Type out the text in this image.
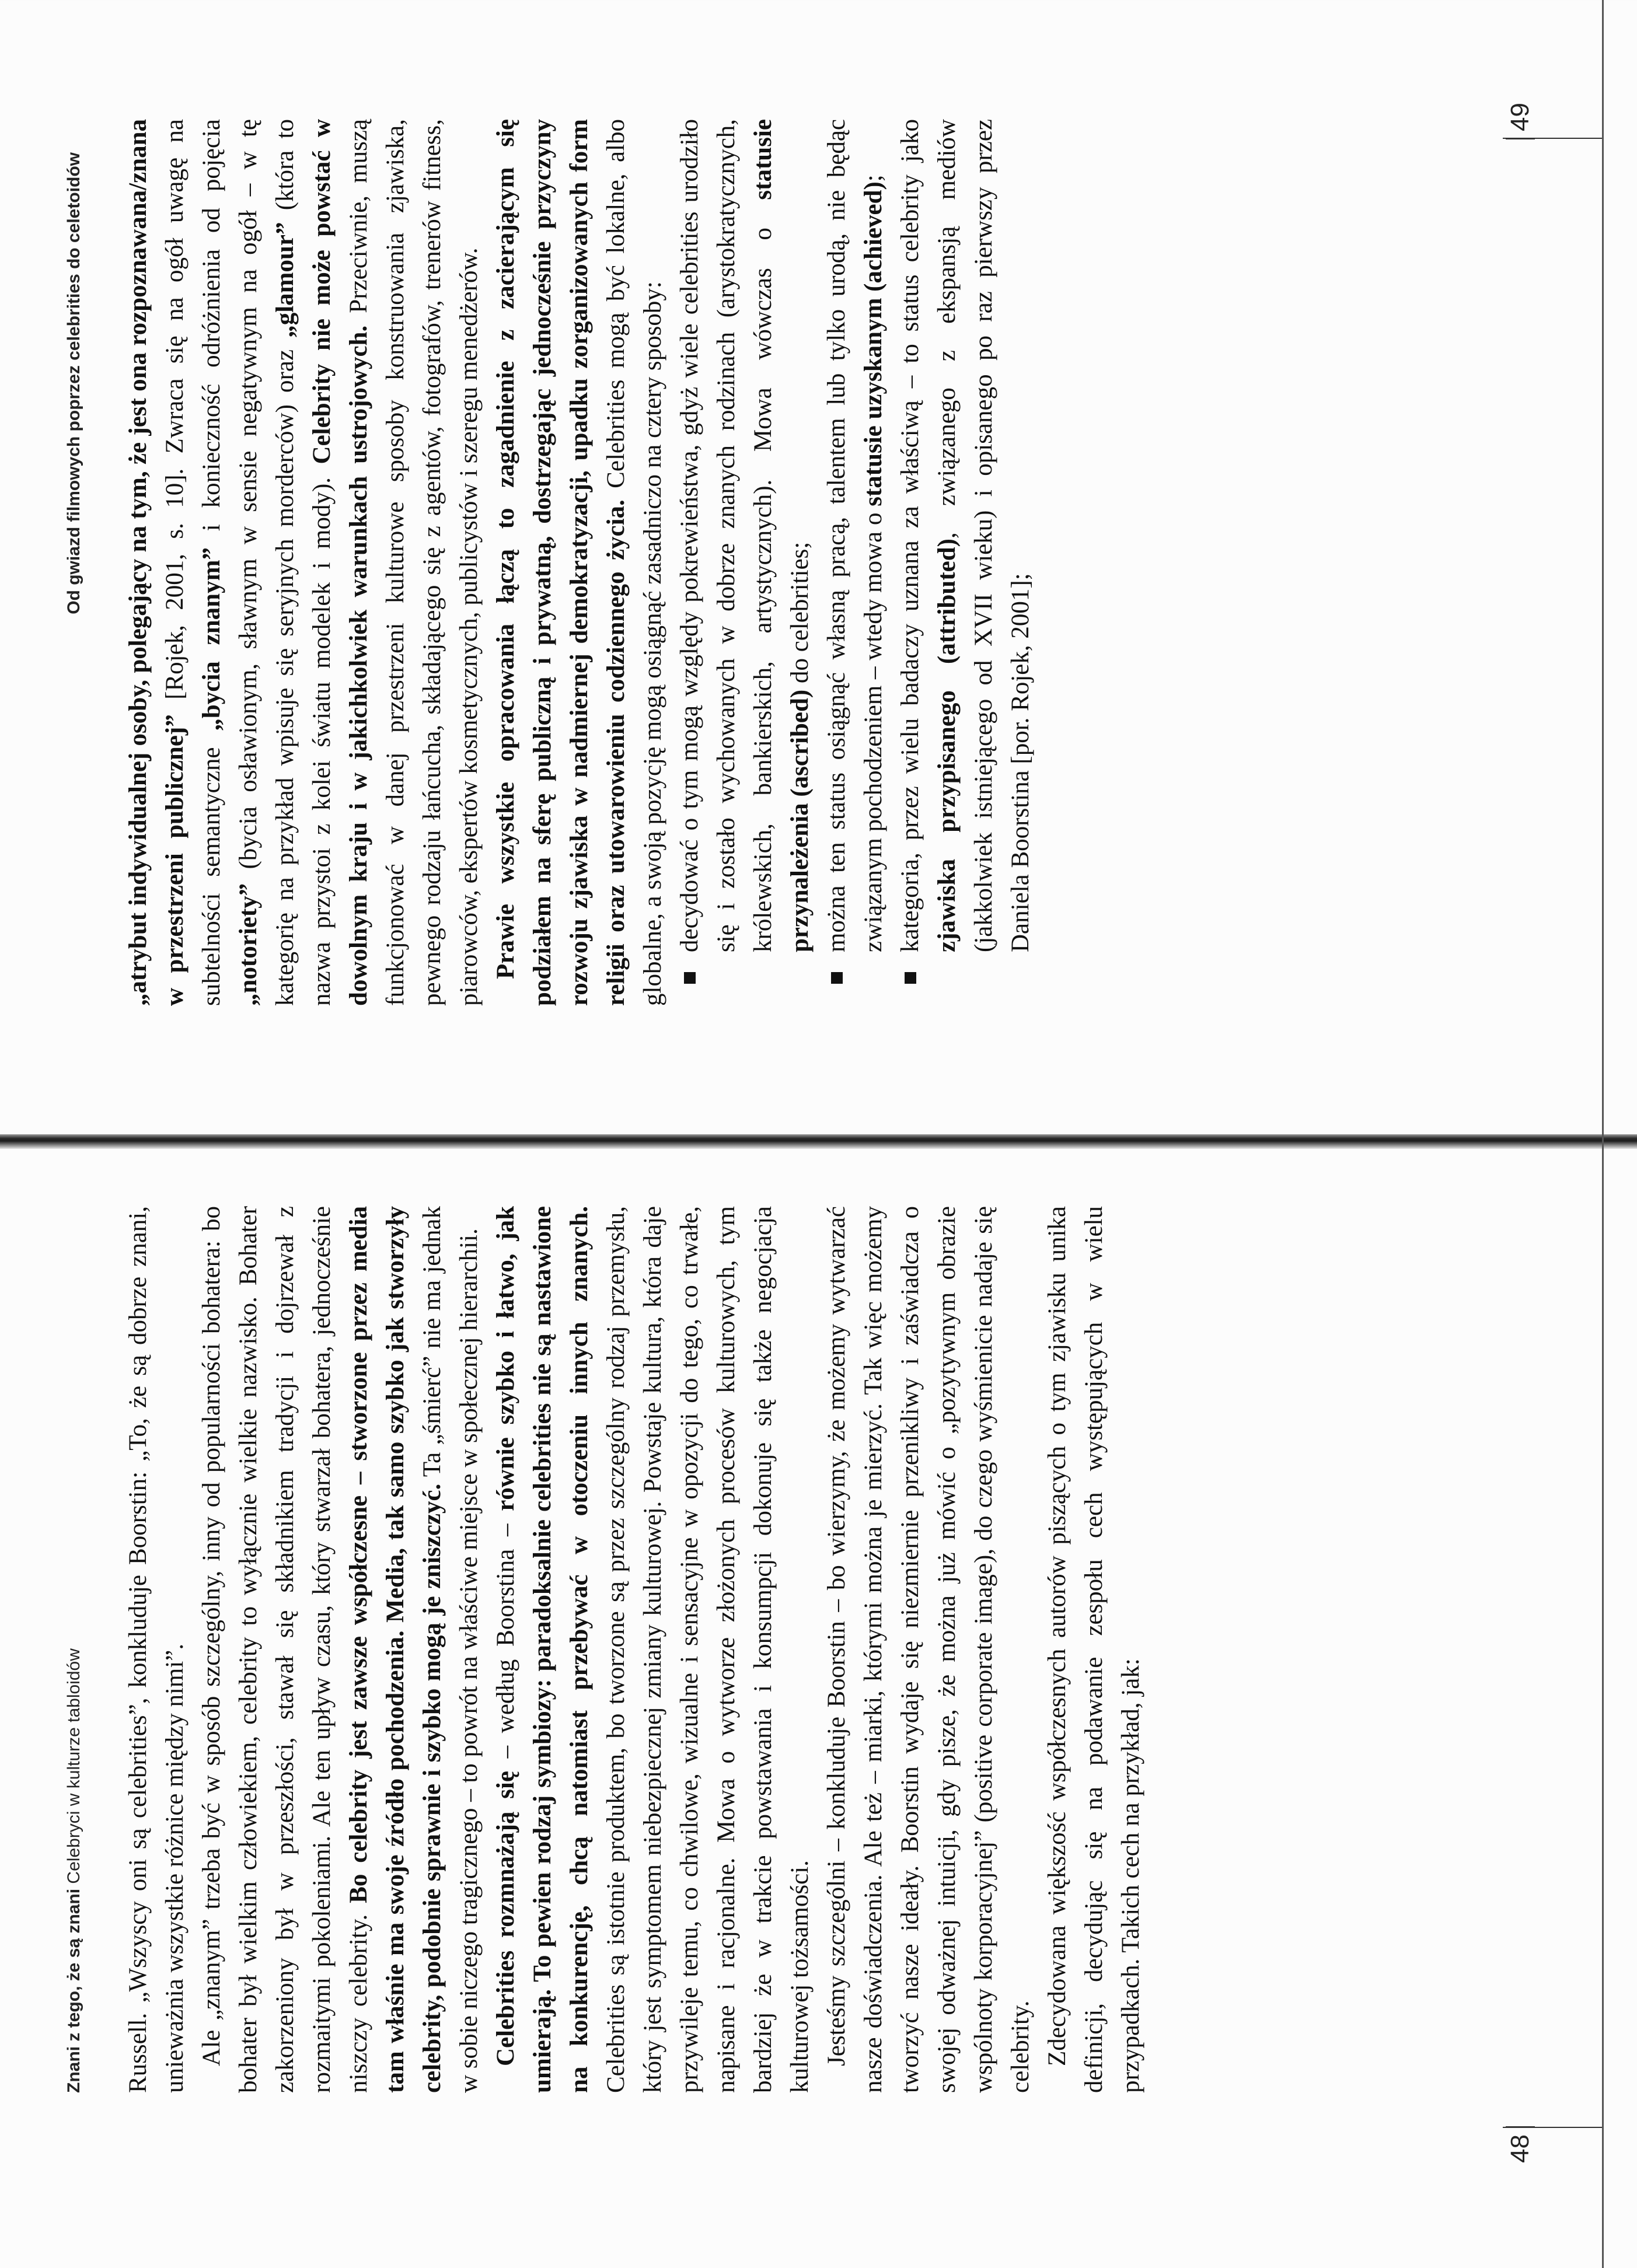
Znani z tego, że są znani Celebryci w kulturze tabloidów Russell. „Wszyscy oni są celebrities”, konkluduje Boorstin: „To, że są dobrze znani, unieważnia wszystkie różnice między nimi”. Ale „znanym” trzeba być w sposób szczególny, inny od popularności bohatera: bo bohater był wielkim człowiekiem, celebrity to wyłącznie wielkie nazwisko. Bohater zakorzeniony był w przeszłości, stawał się składnikiem tradycji i dojrzewał z rozmaitymi pokoleniami. Ale ten upływ czasu, który stwarzał bohatera, jednocześnie niszczy celebrity. Bo celebrity jest zawsze współczesne – stworzone przez media tam właśnie ma swoje źródło pochodzenia. Media, tak samo szybko jak stworzyły celebrity, podobnie sprawnie i szybko mogą je zniszczyć. Ta „śmierć” nie ma jednak w sobie niczego tragicznego – to powrót na właściwe miejsce w społecznej hierarchii. Celebrities rozmnażają się – według Boorstina – równie szybko i łatwo, jak umierają. To pewien rodzaj symbiozy: paradoksalnie celebrities nie są nastawione na konkurencję, chcą natomiast przebywać w otoczeniu innych znanych. Celebrities są istotnie produktem, bo tworzone są przez szczególny rodzaj przemysłu, który jest symptomem niebezpiecznej zmiany kulturowej. Powstaje kultura, która daje przywileje temu, co chwilowe, wizualne i sensacyjne w opozycji do tego, co trwałe, napisane i racjonalne. Mowa o wytworze złożonych procesów kulturowych, tym bardziej że w trakcie powstawania i konsumpcji dokonuje się także negocjacja kulturowej tożsamości. Jesteśmy szczególni – konkluduje Boorstin – bo wierzymy, że możemy wytwarzać nasze doświadczenia. Ale też – miarki, którymi można je mierzyć. Tak więc możemy tworzyć nasze ideały. Boorstin wydaje się niezmiernie przenikliwy i zaświadcza o swojej odważnej intuicji, gdy pisze, że można już mówić o „pozytywnym obrazie wspólnoty korporacyjnej” (positive corporate image), do czego wyśmienicie nadaje się celebrity. Zdecydowana większość współczesnych autorów piszących o tym zjawisku unika definicji, decydując się na podawanie zespołu cech występujących w wielu przypadkach. Takich cech na przykład, jak:

48
Od gwiazd filmowych poprzez celebrities do celetoidów „atrybut indywidualnej osoby, polegający na tym, że jest ona rozpoznawana/znana w przestrzeni publicznej” [Rojek, 2001, s. 10]. Zwraca się na ogół uwagę na subtelności semantyczne „bycia znanym” i konieczność odróżnienia od pojęcia „notoriety” (bycia osławionym, sławnym w sensie negatywnym na ogół – w tę kategorię na przykład wpisuje się seryjnych morderców) oraz „glamour” (która to nazwa przystoi z kolei światu modelek i mody). Celebrity nie może powstać w dowolnym kraju i w jakichkolwiek warunkach ustrojowych. Przeciwnie, muszą funkcjonować w danej przestrzeni kulturowe sposoby konstruowania zjawiska, pewnego rodzaju łańcucha, składającego się z agentów, fotografów, trenerów fitness, piarowców, ekspertów kosmetycznych, publicystów i szeregu menedżerów. Prawie wszystkie opracowania łączą to zagadnienie z zacierającym się podziałem na sferę publiczną i prywatną, dostrzegając jednocześnie przyczyny rozwoju zjawiska w nadmiernej demokratyzacji, upadku zorganizowanych form religii oraz utowarowieniu codziennego życia. Celebrities mogą być lokalne, albo globalne, a swoją pozycję mogą osiągnąć zasadniczo na cztery sposoby: decydować o tym mogą względy pokrewieństwa, gdyż wiele celebrities urodziło się i zostało wychowanych w dobrze znanych rodzinach (arystokratycznych, królewskich, bankierskich, artystycznych). Mowa wówczas o statusie przynależenia (ascribed) do celebrities; można ten status osiągnąć własną pracą, talentem lub tylko urodą, nie będąc związanym pochodzeniem – wtedy mowa o statusie uzyskanym (achieved); kategoria, przez wielu badaczy uznana za właściwą – to status celebrity jako zjawiska przypisanego (attributed), związanego z ekspansją mediów (jakkolwiek istniejącego od XVII wieku) i opisanego po raz pierwszy przez Daniela Boorstina [por. Rojek, 2001];
49
